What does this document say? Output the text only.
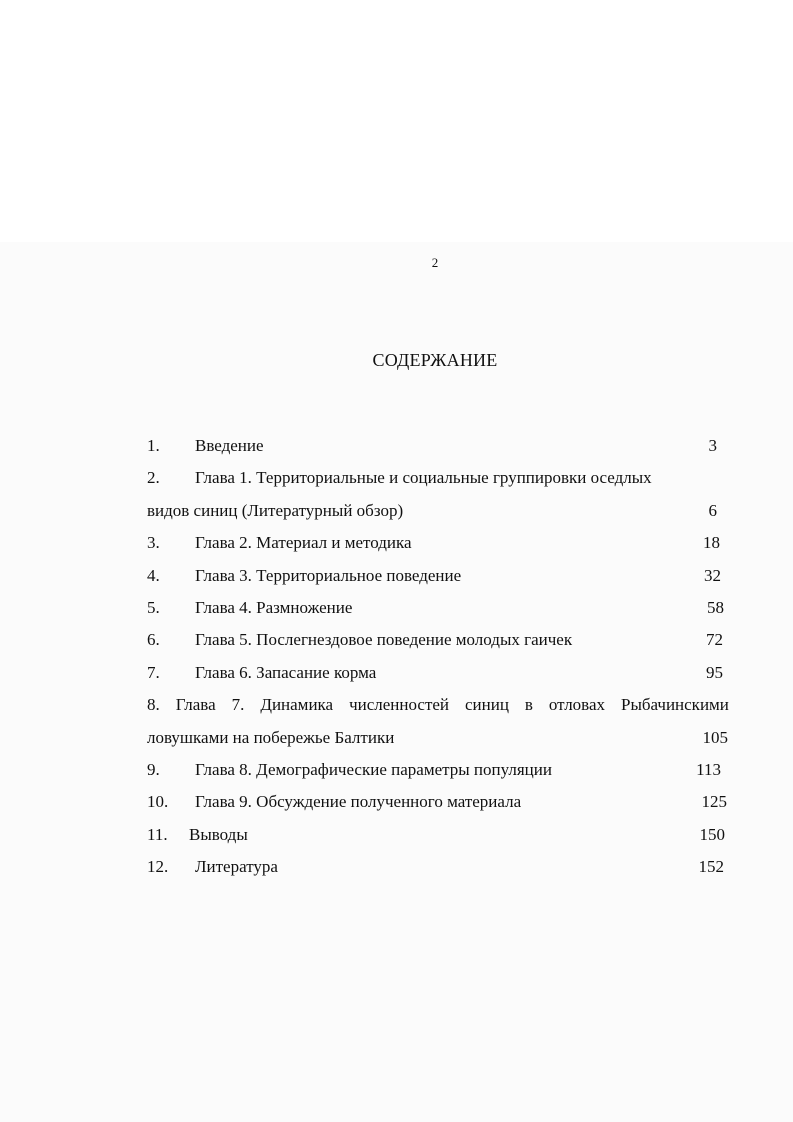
2
СОДЕРЖАНИЕ
1. Введение	3
2. Глава 1. Территориальные и социальные группировки оседлых
видов синиц (Литературный обзор)	6
3. Глава 2. Материал и методика	18
4. Глава 3. Территориальное поведение	32
5. Глава 4. Размножение	58
6. Глава 5. Послегнездовое поведение молодых гаичек	72
7. Глава 6. Запасание корма	95
8. Глава 7. Динамика численностей синиц в отловах Рыбачинскими
ловушками на побережье Балтики	105
9. Глава 8. Демографические параметры популяции	113
10. Глава 9. Обсуждение полученного материала	125
11. Выводы	150
12. Литература	152
